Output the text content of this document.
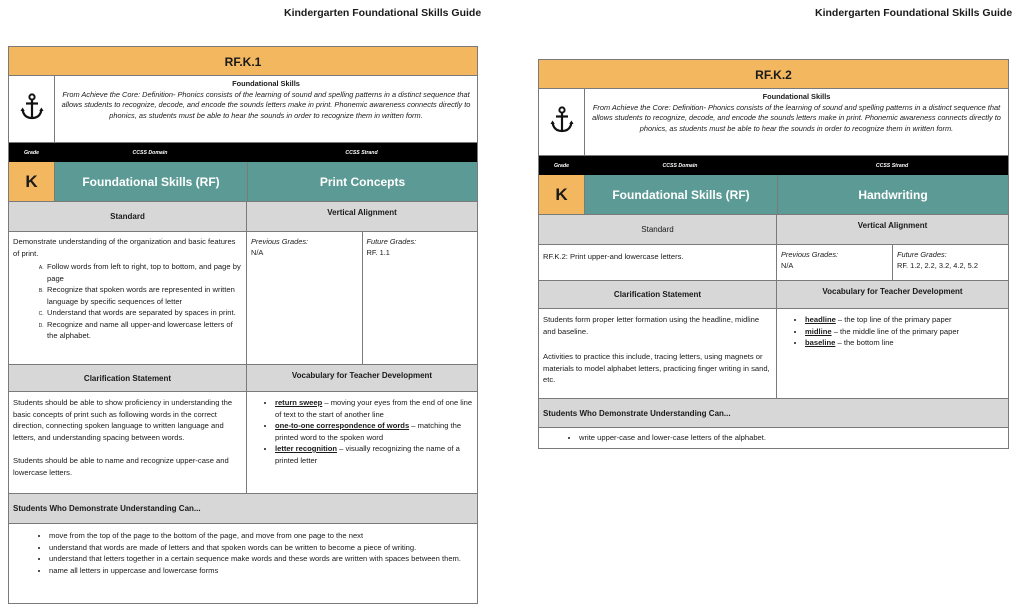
Kindergarten Foundational Skills Guide	Kindergarten Foundational Skills Guide
RF.K.1
Foundational Skills
From Achieve the Core: Definition- Phonics consists of the learning of sound and spelling patterns in a distinct sequence that allows students to recognize, decode, and encode the sounds letters make in print. Phonemic awareness connects directly to phonics, as students must be able to hear the sounds in order to recognize them in written form.
Grade	CCSS Domain	CCSS Strand
K	Foundational Skills (RF)	Print Concepts
Standard	Vertical Alignment
Demonstrate understanding of the organization and basic features of print.
A. Follow words from left to right, top to bottom, and page by page
B. Recognize that spoken words are represented in written language by specific sequences of letter
C. Understand that words are separated by spaces in print.
D. Recognize and name all upper-and lowercase letters of the alphabet.
Previous Grades:
N/A
Future Grades:
RF. 1.1
Clarification Statement	Vocabulary for Teacher Development

Students should be able to show proficiency in understanding the basic concepts of print such as following words in the correct direction, connecting spoken language to written language and letters, and understanding spacing between words.

Students should be able to name and recognize upper-case and lowercase letters.

• return sweep – moving your eyes from the end of one line of text to the start of another line
• one-to-one correspondence of words – matching the printed word to the spoken word
• letter recognition – visually recognizing the name of a printed letter
Students Who Demonstrate Understanding Can...
• move from the top of the page to the bottom of the page, and move from one page to the next
• understand that words are made of letters and that spoken words can be written to become a piece of writing.
• understand that letters together in a certain sequence make words and these words are written with spaces between them.
• name all letters in uppercase and lowercase forms
RF.K.2
Foundational Skills
From Achieve the Core: Definition- Phonics consists of the learning of sound and spelling patterns in a distinct sequence that allows students to recognize, decode, and encode the sounds letters make in print. Phonemic awareness connects directly to phonics, as students must be able to hear the sounds in order to recognize them in written form.
Grade	CCSS Domain	CCSS Strand
K	Foundational Skills (RF)	Handwriting
Standard	Vertical Alignment
RF.K.2: Print upper-and lowercase letters.	Previous Grades:
N/A
Future Grades:
RF. 1.2, 2.2, 3.2, 4.2, 5.2
Clarification Statement	Vocabulary for Teacher Development

Students form proper letter formation using the headline, midline and baseline.

Activities to practice this include, tracing letters, using magnets or materials to model alphabet letters, practicing finger writing in sand, etc.

• headline – the top line of the primary paper
• midline – the middle line of the primary paper
• baseline – the bottom line
Students Who Demonstrate Understanding Can...
• write upper-case and lower-case letters of the alphabet.
